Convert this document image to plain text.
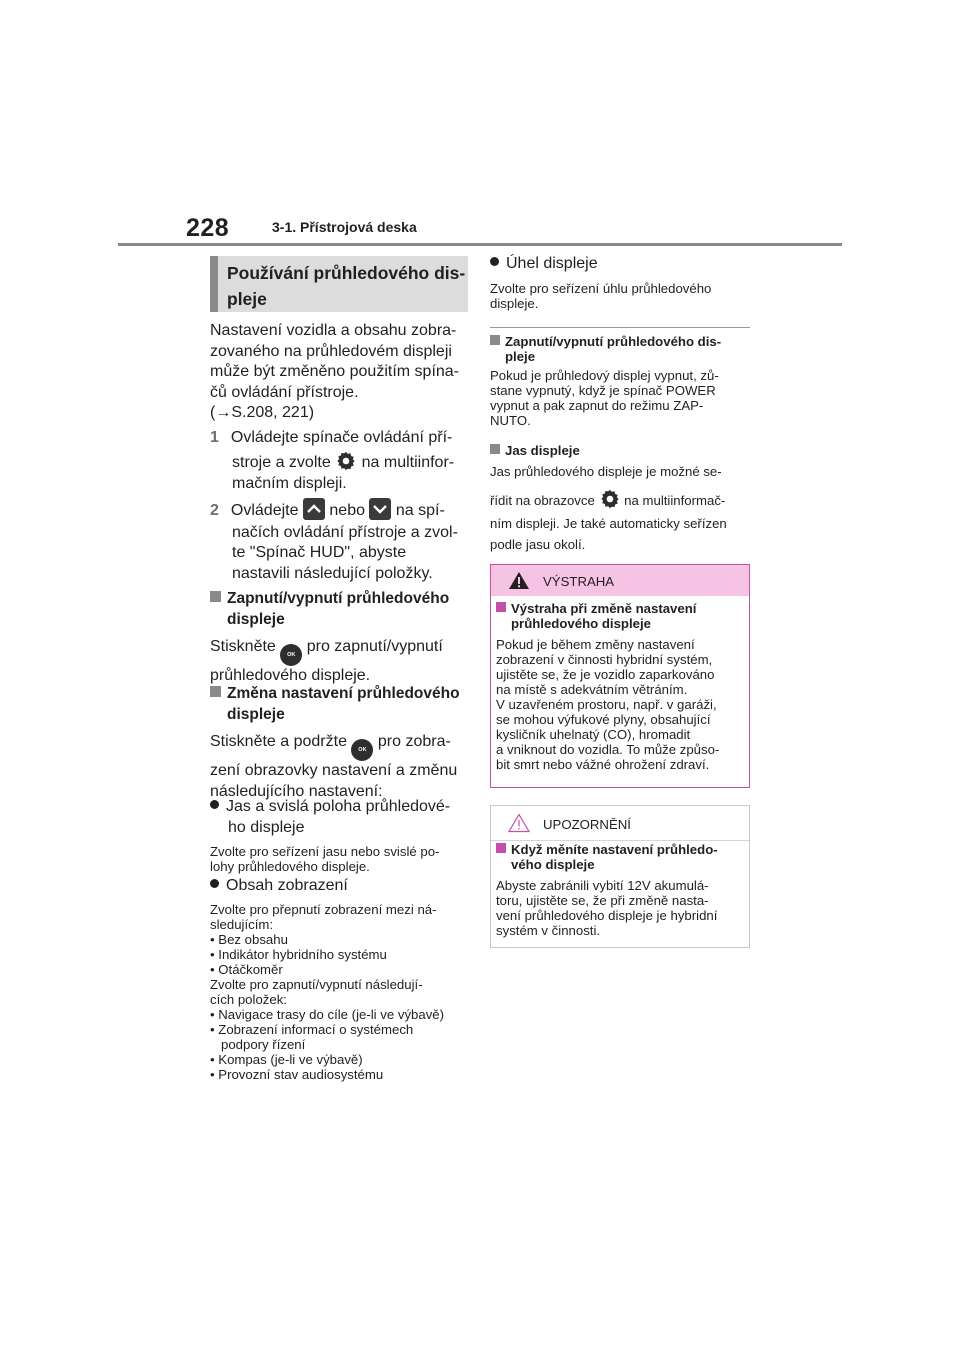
228	3-1. Přístrojová deska
Používání průhledového dis-
pleje
Nastavení vozidla a obsahu zobra-
zovaného na průhledovém displeji
může být změněno použitím spína-
čů ovládání přístroje.
(→S.208, 221)
1 Ovládejte spínače ovládání pří-
stroje a zvolte na multiinfor-
mačním displeji.
2 Ovládejte nebo na spí-
načích ovládání přístroje a zvol-
te "Spínač HUD", abyste
nastavili následující položky.
Zapnutí/vypnutí průhledového
displeje
Stiskněte OK pro zapnutí/vypnutí
průhledového displeje.
Změna nastavení průhledového
displeje
Stiskněte a podržte OK pro zobra-
zení obrazovky nastavení a změnu
následujícího nastavení:
Jas a svislá poloha průhledové-
ho displeje
Zvolte pro seřízení jasu nebo svislé po-
lohy průhledového displeje.
Obsah zobrazení
Zvolte pro přepnutí zobrazení mezi ná-
sledujícím:
• Bez obsahu
• Indikátor hybridního systému
• Otáčkoměr
Zvolte pro zapnutí/vypnutí následují-
cích položek:
• Navigace trasy do cíle (je-li ve výbavě)
• Zobrazení informací o systémech
podpory řízení
• Kompas (je-li ve výbavě)
• Provozní stav audiosystému
Úhel displeje
Zvolte pro seřízení úhlu průhledového
displeje.
Zapnutí/vypnutí průhledového dis-
pleje
Pokud je průhledový displej vypnut, zů-
stane vypnutý, když je spínač POWER
vypnut a pak zapnut do režimu ZAP-
NUTO.
Jas displeje
Jas průhledového displeje je možné se-
řídit na obrazovce na multiinformač-
ním displeji. Je také automaticky seřízen
podle jasu okolí.
VÝSTRAHA
Výstraha při změně nastavení
průhledového displeje
Pokud je během změny nastavení
zobrazení v činnosti hybridní systém,
ujistěte se, že je vozidlo zaparkováno
na místě s adekvátním větráním.
V uzavřeném prostoru, např. v garáži,
se mohou výfukové plyny, obsahující
kysličník uhelnatý (CO), hromadit
a vniknout do vozidla. To může způso-
bit smrt nebo vážné ohrožení zdraví.
UPOZORNĚNÍ
Když měníte nastavení průhledo-
vého displeje
Abyste zabránili vybití 12V akumulá-
toru, ujistěte se, že při změně nasta-
vení průhledového displeje je hybridní
systém v činnosti.
